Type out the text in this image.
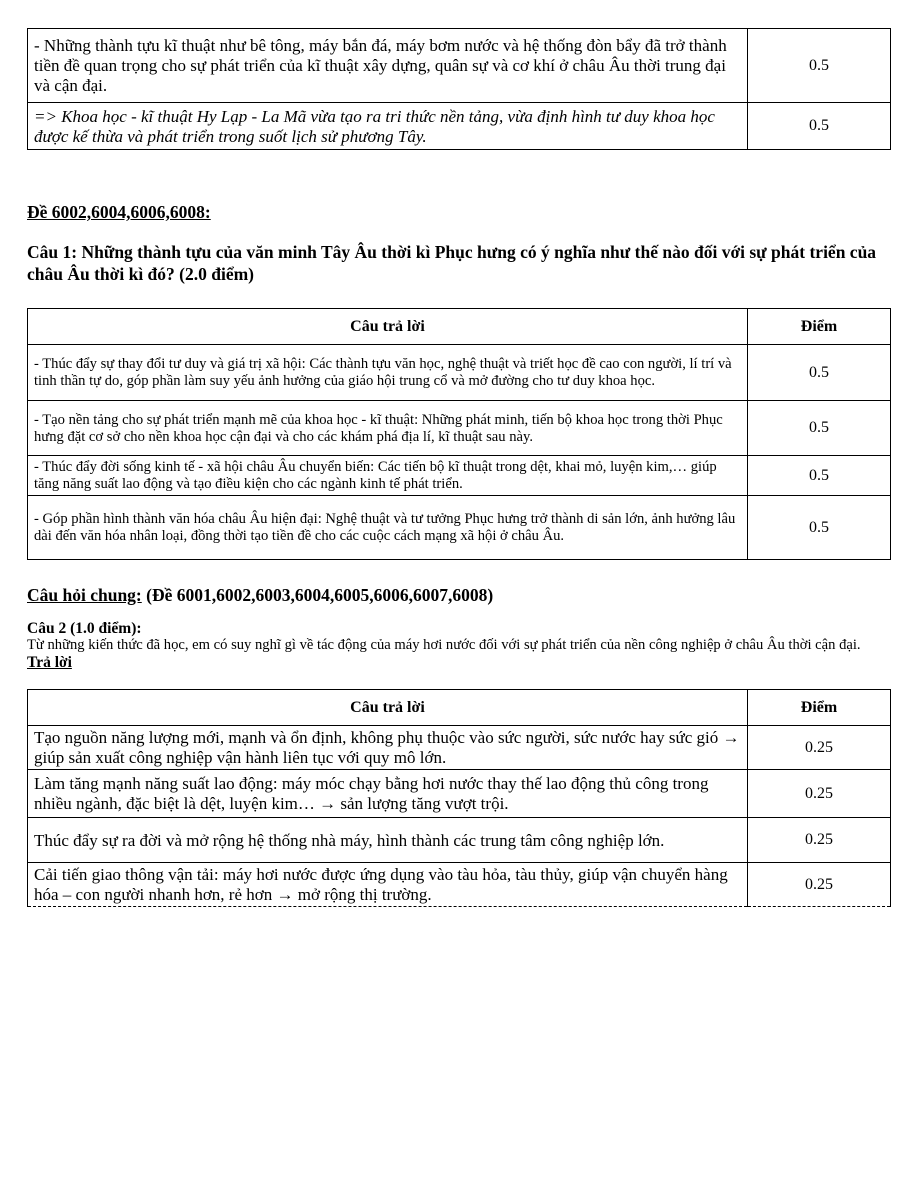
- Những thành tựu kĩ thuật như bê tông, máy bắn đá, máy bơm nước và hệ thống đòn bẩy đã trở thành tiền đề quan trọng cho sự phát triển của kĩ thuật xây dựng, quân sự và cơ khí ở châu Âu thời trung đại và cận đại.	0.5
=> Khoa học - kĩ thuật Hy Lạp - La Mã vừa tạo ra tri thức nền tảng, vừa định hình tư duy khoa học được kế thừa và phát triển trong suốt lịch sử phương Tây.	0.5

Đề 6002,6004,6006,6008:

Câu 1: Những thành tựu của văn minh Tây Âu thời kì Phục hưng có ý nghĩa như thế nào đối với sự phát triển của châu Âu thời kì đó? (2.0 điểm)

Câu trả lời	Điểm
- Thúc đẩy sự thay đổi tư duy và giá trị xã hội: Các thành tựu văn học, nghệ thuật và triết học đề cao con người, lí trí và tinh thần tự do, góp phần làm suy yếu ảnh hưởng của giáo hội trung cổ và mở đường cho tư duy khoa học.	0.5
- Tạo nền tảng cho sự phát triển mạnh mẽ của khoa học - kĩ thuật: Những phát minh, tiến bộ khoa học trong thời Phục hưng đặt cơ sở cho nền khoa học cận đại và cho các khám phá địa lí, kĩ thuật sau này.	0.5
- Thúc đẩy đời sống kinh tế - xã hội châu Âu chuyển biến: Các tiến bộ kĩ thuật trong dệt, khai mỏ, luyện kim,… giúp tăng năng suất lao động và tạo điều kiện cho các ngành kinh tế phát triển.	0.5
- Góp phần hình thành văn hóa châu Âu hiện đại: Nghệ thuật và tư tưởng Phục hưng trở thành di sản lớn, ảnh hưởng lâu dài đến văn hóa nhân loại, đồng thời tạo tiền đề cho các cuộc cách mạng xã hội ở châu Âu.	0.5

Câu hỏi chung: (Đề 6001,6002,6003,6004,6005,6006,6007,6008)

Câu 2 (1.0 điểm):

Từ những kiến thức đã học, em có suy nghĩ gì về tác động của máy hơi nước đối với sự phát triển của nền công nghiệp ở châu Âu thời cận đại.

Trả lời

Câu trả lời	Điểm
Tạo nguồn năng lượng mới, mạnh và ổn định, không phụ thuộc vào sức người, sức nước hay sức gió → giúp sản xuất công nghiệp vận hành liên tục với quy mô lớn.	0.25
Làm tăng mạnh năng suất lao động: máy móc chạy bằng hơi nước thay thế lao động thủ công trong nhiều ngành, đặc biệt là dệt, luyện kim… → sản lượng tăng vượt trội.	0.25
Thúc đẩy sự ra đời và mở rộng hệ thống nhà máy, hình thành các trung tâm công nghiệp lớn.	0.25
Cải tiến giao thông vận tải: máy hơi nước được ứng dụng vào tàu hỏa, tàu thủy, giúp vận chuyển hàng hóa – con người nhanh hơn, rẻ hơn → mở rộng thị trường.	0.25
